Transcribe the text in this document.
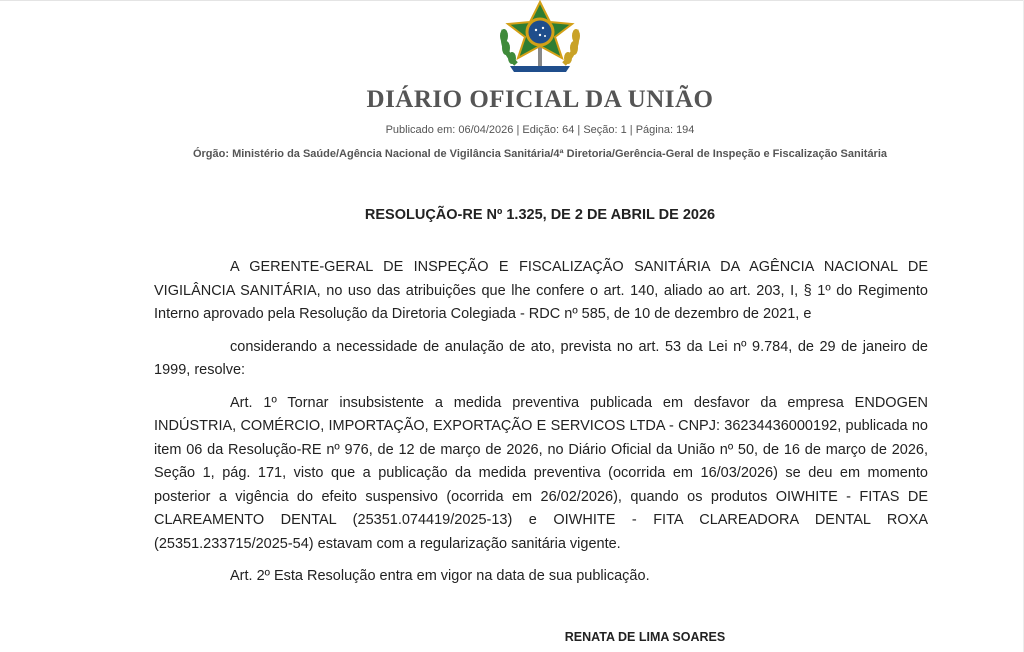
DIÁRIO OFICIAL DA UNIÃO
Publicado em: 06/04/2026 | Edição: 64 | Seção: 1 | Página: 194
Órgão: Ministério da Saúde/Agência Nacional de Vigilância Sanitária/4ª Diretoria/Gerência-Geral de Inspeção e Fiscalização Sanitária
RESOLUÇÃO-RE Nº 1.325, DE 2 DE ABRIL DE 2026

A GERENTE-GERAL DE INSPEÇÃO E FISCALIZAÇÃO SANITÁRIA DA AGÊNCIA NACIONAL DE VIGILÂNCIA SANITÁRIA, no uso das atribuições que lhe confere o art. 140, aliado ao art. 203, I, § 1º do Regimento Interno aprovado pela Resolução da Diretoria Colegiada - RDC nº 585, de 10 de dezembro de 2021, e

considerando a necessidade de anulação de ato, prevista no art. 53 da Lei nº 9.784, de 29 de janeiro de 1999, resolve:

Art. 1º Tornar insubsistente a medida preventiva publicada em desfavor da empresa ENDOGEN INDÚSTRIA, COMÉRCIO, IMPORTAÇÃO, EXPORTAÇÃO E SERVICOS LTDA - CNPJ: 36234436000192, publicada no item 06 da Resolução-RE nº 976, de 12 de março de 2026, no Diário Oficial da União nº 50, de 16 de março de 2026, Seção 1, pág. 171, visto que a publicação da medida preventiva (ocorrida em 16/03/2026) se deu em momento posterior a vigência do efeito suspensivo (ocorrida em 26/02/2026), quando os produtos OIWHITE - FITAS DE CLAREAMENTO DENTAL (25351.074419/2025-13) e OIWHITE - FITA CLAREADORA DENTAL ROXA (25351.233715/2025-54) estavam com a regularização sanitária vigente.

Art. 2º Esta Resolução entra em vigor na data de sua publicação.

RENATA DE LIMA SOARES
